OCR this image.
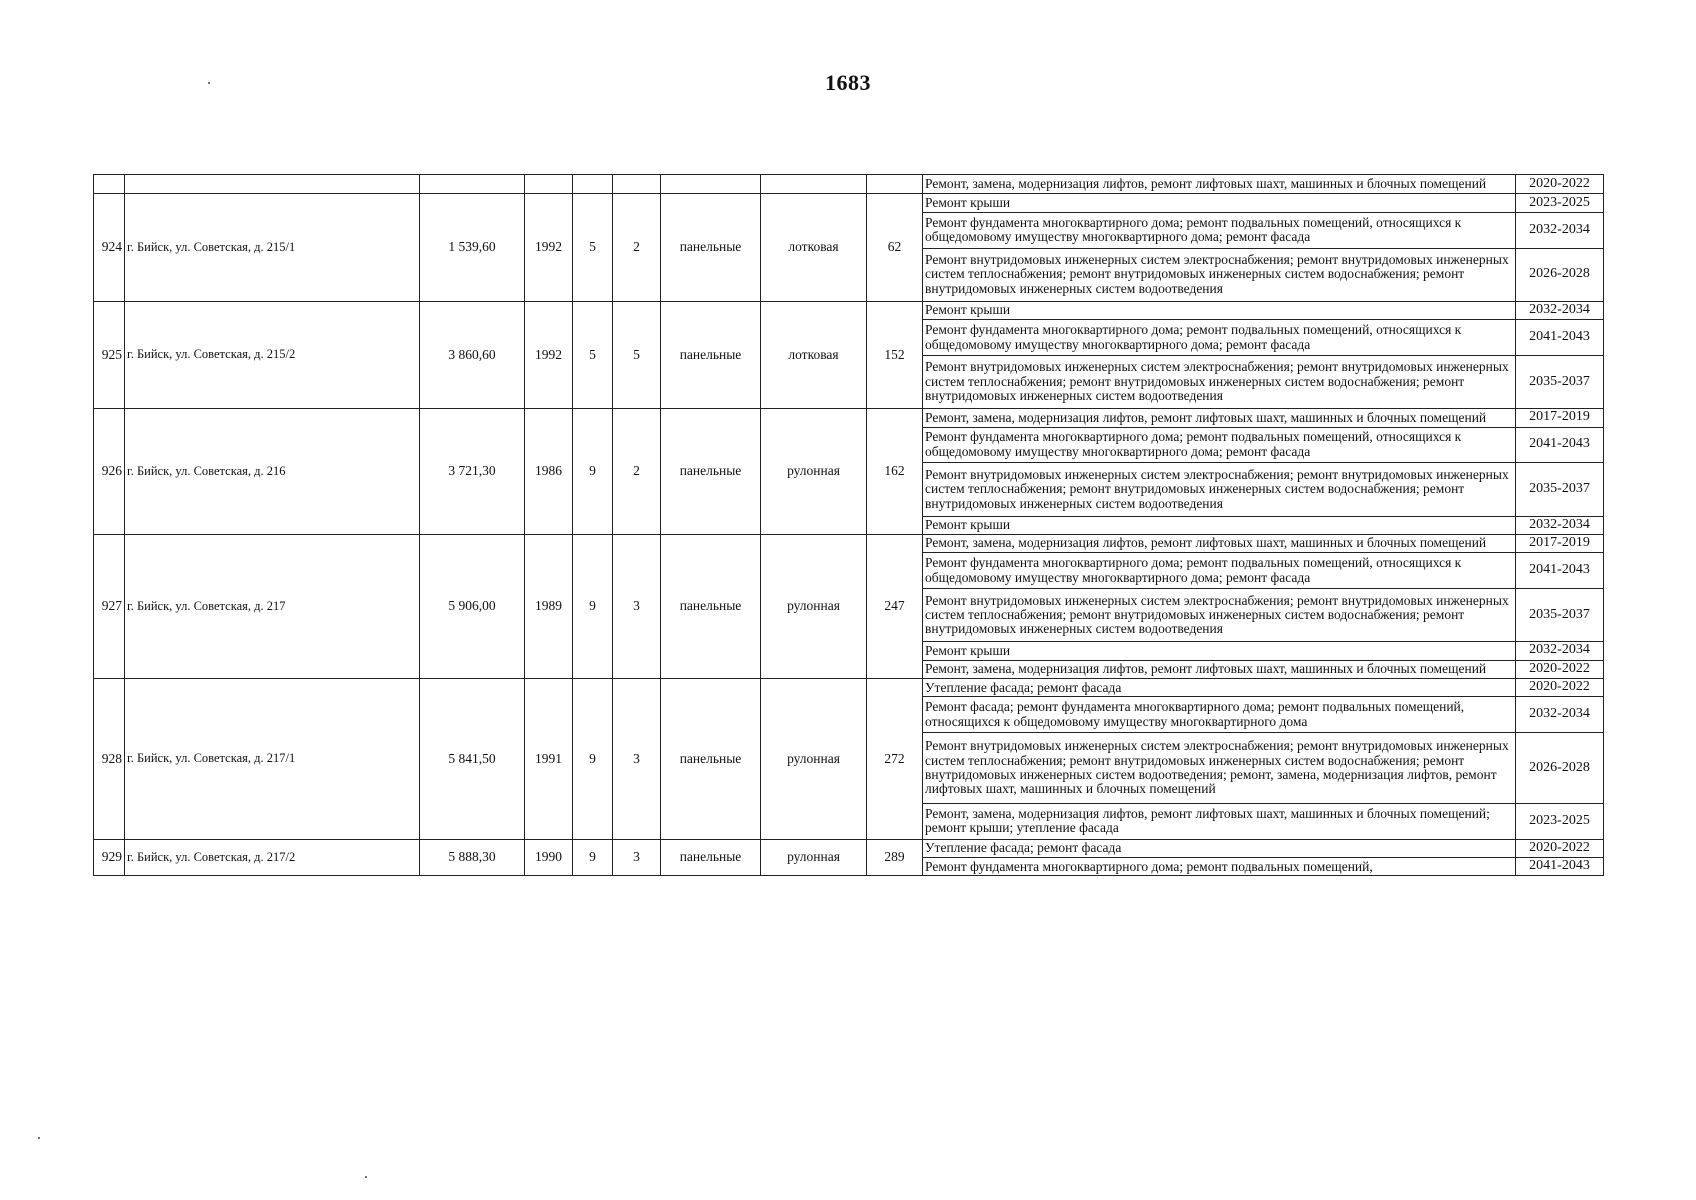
1683
									Ремонт, замена, модернизация лифтов, ремонт лифтовых шахт, машинных и блочных помещений	2020-2022
924	г. Бийск, ул. Советская, д. 215/1	1 539,60	1992	5	2	панельные	лотковая	62	Ремонт крыши	2023-2025
									Ремонт фундамента многоквартирного дома; ремонт подвальных помещений, относящихся к общедомовому имуществу многоквартирного дома; ремонт фасада	2032-2034
									Ремонт внутридомовых инженерных систем электроснабжения; ремонт внутридомовых инженерных систем теплоснабжения; ремонт внутридомовых инженерных систем водоснабжения; ремонт внутридомовых инженерных систем водоотведения	2026-2028
925	г. Бийск, ул. Советская, д. 215/2	3 860,60	1992	5	5	панельные	лотковая	152	Ремонт крыши	2032-2034
									Ремонт фундамента многоквартирного дома; ремонт подвальных помещений, относящихся к общедомовому имуществу многоквартирного дома; ремонт фасада	2041-2043
									Ремонт внутридомовых инженерных систем электроснабжения; ремонт внутридомовых инженерных систем теплоснабжения; ремонт внутридомовых инженерных систем водоснабжения; ремонт внутридомовых инженерных систем водоотведения	2035-2037
926	г. Бийск, ул. Советская, д. 216	3 721,30	1986	9	2	панельные	рулонная	162	Ремонт, замена, модернизация лифтов, ремонт лифтовых шахт, машинных и блочных помещений	2017-2019
									Ремонт фундамента многоквартирного дома; ремонт подвальных помещений, относящихся к общедомовому имуществу многоквартирного дома; ремонт фасада	2041-2043
									Ремонт внутридомовых инженерных систем электроснабжения; ремонт внутридомовых инженерных систем теплоснабжения; ремонт внутридомовых инженерных систем водоснабжения; ремонт внутридомовых инженерных систем водоотведения	2035-2037
									Ремонт крыши	2032-2034
927	г. Бийск, ул. Советская, д. 217	5 906,00	1989	9	3	панельные	рулонная	247	Ремонт, замена, модернизация лифтов, ремонт лифтовых шахт, машинных и блочных помещений	2017-2019
									Ремонт фундамента многоквартирного дома; ремонт подвальных помещений, относящихся к общедомовому имуществу многоквартирного дома; ремонт фасада	2041-2043
									Ремонт внутридомовых инженерных систем электроснабжения; ремонт внутридомовых инженерных систем теплоснабжения; ремонт внутридомовых инженерных систем водоснабжения; ремонт внутридомовых инженерных систем водоотведения	2035-2037
									Ремонт крыши	2032-2034
									Ремонт, замена, модернизация лифтов, ремонт лифтовых шахт, машинных и блочных помещений	2020-2022
928	г. Бийск, ул. Советская, д. 217/1	5 841,50	1991	9	3	панельные	рулонная	272	Утепление фасада; ремонт фасада	2020-2022
									Ремонт фасада; ремонт фундамента многоквартирного дома; ремонт подвальных помещений, относящихся к общедомовому имуществу многоквартирного дома	2032-2034
									Ремонт внутридомовых инженерных систем электроснабжения; ремонт внутридомовых инженерных систем теплоснабжения; ремонт внутридомовых инженерных систем водоснабжения; ремонт внутридомовых инженерных систем водоотведения; ремонт, замена, модернизация лифтов, ремонт лифтовых шахт, машинных и блочных помещений	2026-2028
									Ремонт, замена, модернизация лифтов, ремонт лифтовых шахт, машинных и блочных помещений; ремонт крыши; утепление фасада	2023-2025
929	г. Бийск, ул. Советская, д. 217/2	5 888,30	1990	9	3	панельные	рулонная	289	Утепление фасада; ремонт фасада	2020-2022
									Ремонт фундамента многоквартирного дома; ремонт подвальных помещений,	2041-2043
